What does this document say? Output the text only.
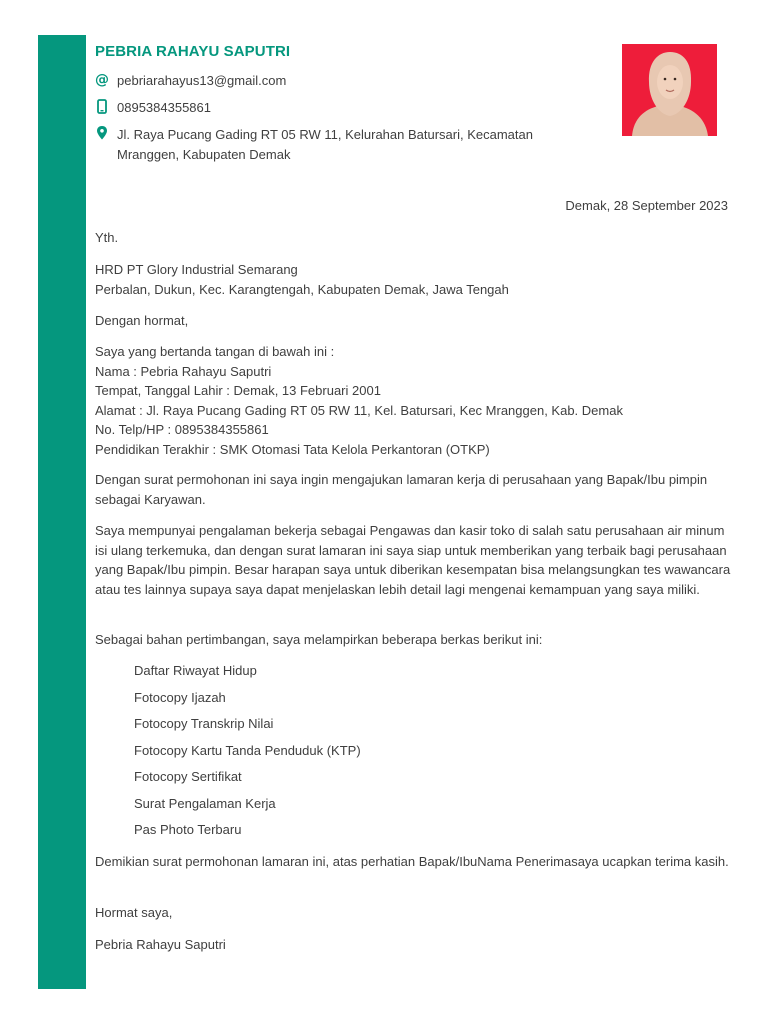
PEBRIA RAHAYU SAPUTRI
@ pebriarahayus13@gmail.com
0895384355861
Jl. Raya Pucang Gading RT 05 RW 11, Kelurahan Batursari, Kecamatan Mranggen, Kabupaten Demak
Demak, 28 September 2023
Yth.
HRD PT Glory Industrial Semarang
Perbalan, Dukun, Kec. Karangtengah, Kabupaten Demak, Jawa Tengah
Dengan hormat,
Saya yang bertanda tangan di bawah ini :
Nama : Pebria Rahayu Saputri
Tempat, Tanggal Lahir : Demak, 13 Februari 2001
Alamat : Jl. Raya Pucang Gading RT 05 RW 11, Kel. Batursari, Kec Mranggen, Kab. Demak
No. Telp/HP : 0895384355861
Pendidikan Terakhir : SMK Otomasi Tata Kelola Perkantoran (OTKP)
Dengan surat permohonan ini saya ingin mengajukan lamaran kerja di perusahaan yang Bapak/Ibu pimpin sebagai Karyawan.
Saya mempunyai pengalaman bekerja sebagai Pengawas dan kasir toko di salah satu perusahaan air minum isi ulang terkemuka, dan dengan surat lamaran ini saya siap untuk memberikan yang terbaik bagi perusahaan yang Bapak/Ibu pimpin. Besar harapan saya untuk diberikan kesempatan bisa melangsungkan tes wawancara atau tes lainnya supaya saya dapat menjelaskan lebih detail lagi mengenai kemampuan yang saya miliki.
Sebagai bahan pertimbangan, saya melampirkan beberapa berkas berikut ini:
Daftar Riwayat Hidup
Fotocopy Ijazah
Fotocopy Transkrip Nilai
Fotocopy Kartu Tanda Penduduk (KTP)
Fotocopy Sertifikat
Surat Pengalaman Kerja
Pas Photo Terbaru
Demikian surat permohonan lamaran ini, atas perhatian Bapak/IbuNama Penerimasaya ucapkan terima kasih.
Hormat saya,
Pebria Rahayu Saputri
